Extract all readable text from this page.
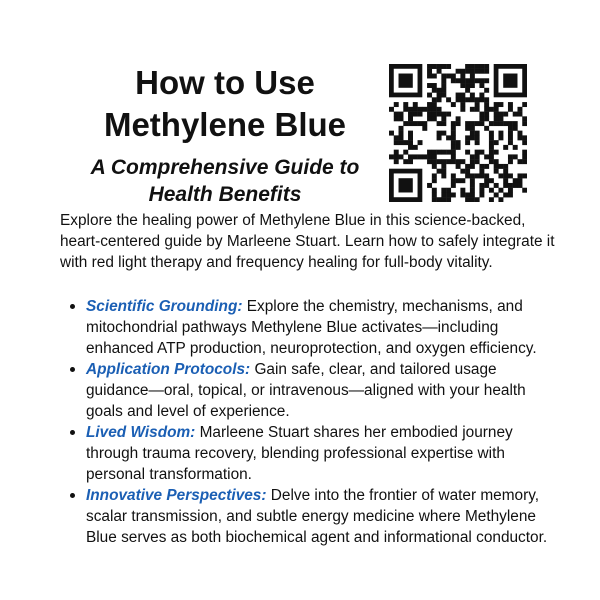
How to Use
Methylene Blue
A Comprehensive Guide to
Health Benefits
Explore the healing power of Methylene Blue in this science-backed, heart-centered guide by Marleene Stuart. Learn how to safely integrate it with red light therapy and frequency healing for full-body vitality.
Scientific Grounding: Explore the chemistry, mechanisms, and mitochondrial pathways Methylene Blue activates—including enhanced ATP production, neuroprotection, and oxygen efficiency.
Application Protocols: Gain safe, clear, and tailored usage guidance—oral, topical, or intravenous—aligned with your health goals and level of experience.
Lived Wisdom: Marleene Stuart shares her embodied journey through trauma recovery, blending professional expertise with personal transformation.
Innovative Perspectives: Delve into the frontier of water memory, scalar transmission, and subtle energy medicine where Methylene Blue serves as both biochemical agent and informational conductor.
